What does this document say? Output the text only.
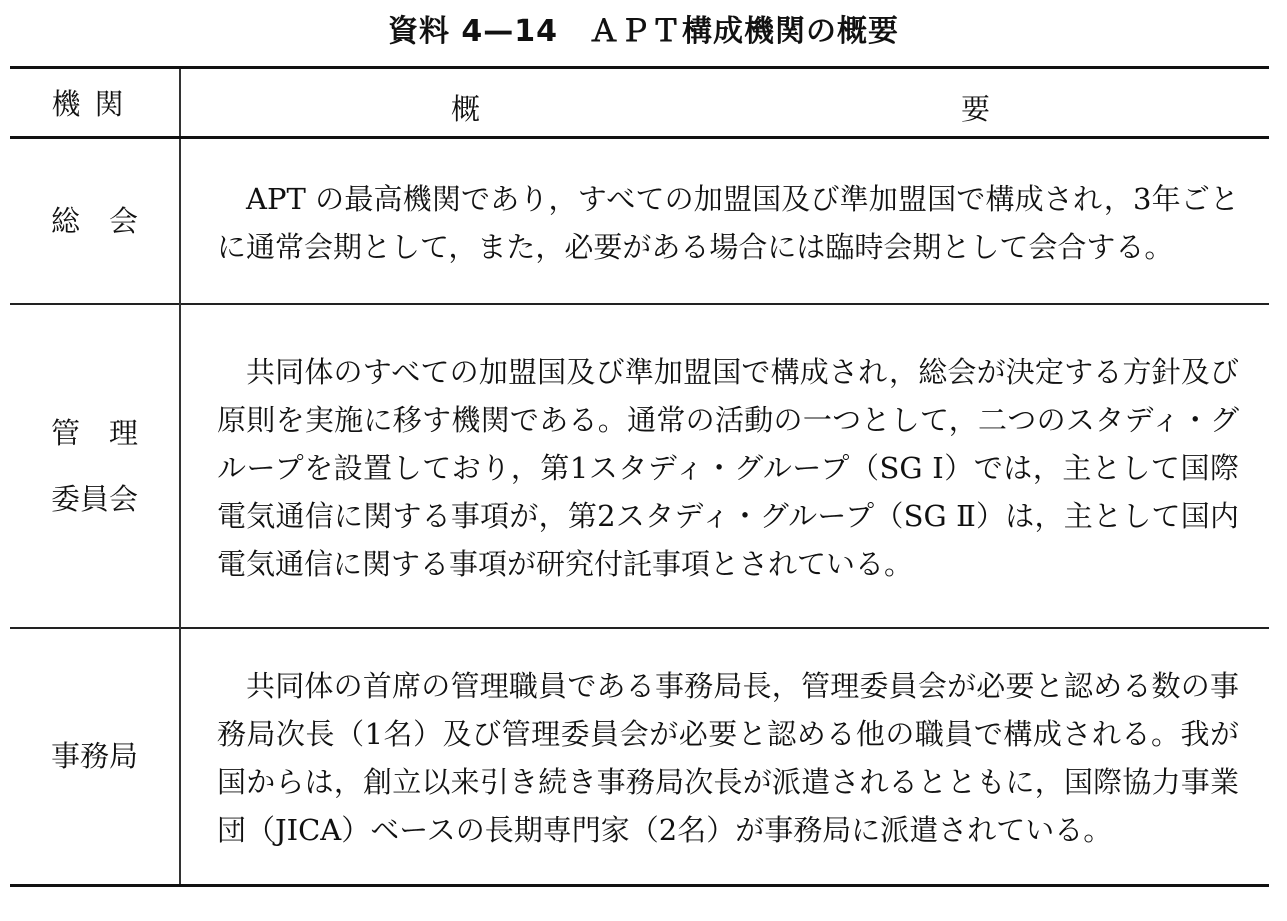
資料 4—14　ＡＰＴ構成機関の概要
機関	概 要

総　会	APT の最高機関であり，すべての加盟国及び準加盟国で構成され，3年ごとに通常会期として，また，必要がある場合には臨時会期として会合する。

管　理
委員会	共同体のすべての加盟国及び準加盟国で構成され，総会が決定する方針及び原則を実施に移す機関である。通常の活動の一つとして，二つのスタディ・グループを設置しており，第1スタディ・グループ（SG Ⅰ）では，主として国際電気通信に関する事項が，第2スタディ・グループ（SG Ⅱ）は，主として国内電気通信に関する事項が研究付託事項とされている。

事務局	共同体の首席の管理職員である事務局長，管理委員会が必要と認める数の事務局次長（1名）及び管理委員会が必要と認める他の職員で構成される。我が国からは，創立以来引き続き事務局次長が派遣されるとともに，国際協力事業団（JICA）ベースの長期専門家（2名）が事務局に派遣されている。
